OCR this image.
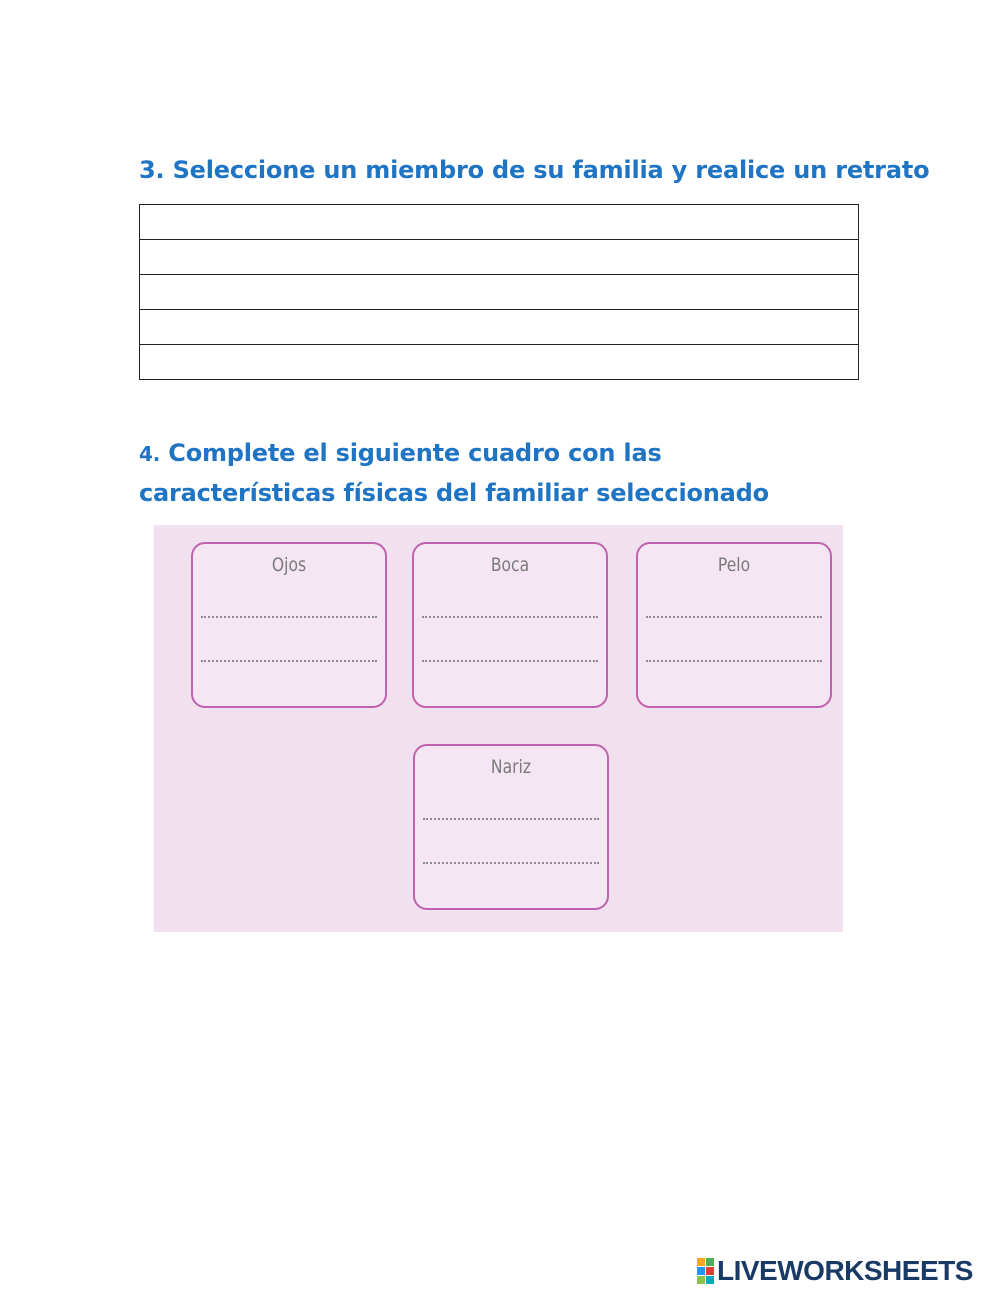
3. Seleccione un miembro de su familia y realice un retrato

4. Complete el siguiente cuadro con las características físicas del familiar seleccionado
Ojos	Boca	Pelo
Nariz
LIVEWORKSHEETS
